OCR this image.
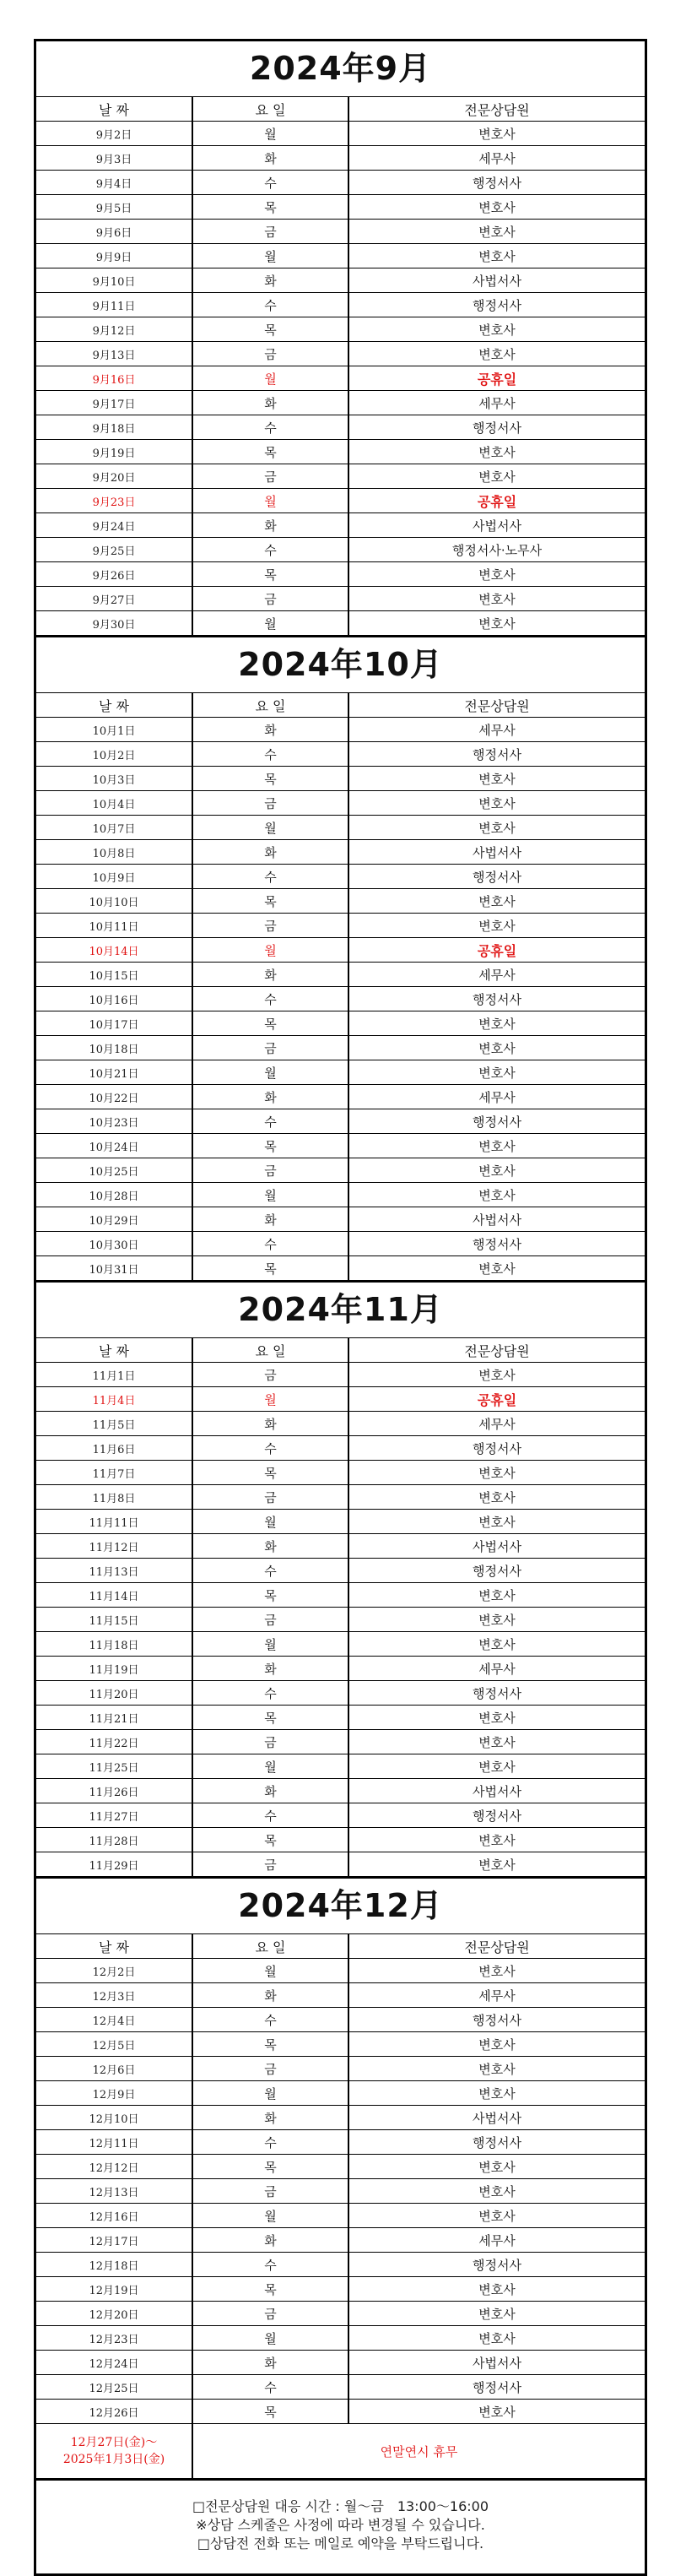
2024年9月
날 짜	요 일	전문상담원
9月2日	월	변호사
9月3日	화	세무사
9月4日	수	행정서사
9月5日	목	변호사
9月6日	금	변호사
9月9日	월	변호사
9月10日	화	사법서사
9月11日	수	행정서사
9月12日	목	변호사
9月13日	금	변호사
9月16日	월	공휴일
9月17日	화	세무사
9月18日	수	행정서사
9月19日	목	변호사
9月20日	금	변호사
9月23日	월	공휴일
9月24日	화	사법서사
9月25日	수	행정서사·노무사
9月26日	목	변호사
9月27日	금	변호사
9月30日	월	변호사
2024年10月
날 짜	요 일	전문상담원
10月1日	화	세무사
10月2日	수	행정서사
10月3日	목	변호사
10月4日	금	변호사
10月7日	월	변호사
10月8日	화	사법서사
10月9日	수	행정서사
10月10日	목	변호사
10月11日	금	변호사
10月14日	월	공휴일
10月15日	화	세무사
10月16日	수	행정서사
10月17日	목	변호사
10月18日	금	변호사
10月21日	월	변호사
10月22日	화	세무사
10月23日	수	행정서사
10月24日	목	변호사
10月25日	금	변호사
10月28日	월	변호사
10月29日	화	사법서사
10月30日	수	행정서사
10月31日	목	변호사
2024年11月
날 짜	요 일	전문상담원
11月1日	금	변호사
11月4日	월	공휴일
11月5日	화	세무사
11月6日	수	행정서사
11月7日	목	변호사
11月8日	금	변호사
11月11日	월	변호사
11月12日	화	사법서사
11月13日	수	행정서사
11月14日	목	변호사
11月15日	금	변호사
11月18日	월	변호사
11月19日	화	세무사
11月20日	수	행정서사
11月21日	목	변호사
11月22日	금	변호사
11月25日	월	변호사
11月26日	화	사법서사
11月27日	수	행정서사
11月28日	목	변호사
11月29日	금	변호사
2024年12月
날 짜	요 일	전문상담원
12月2日	월	변호사
12月3日	화	세무사
12月4日	수	행정서사
12月5日	목	변호사
12月6日	금	변호사
12月9日	월	변호사
12月10日	화	사법서사
12月11日	수	행정서사
12月12日	목	변호사
12月13日	금	변호사
12月16日	월	변호사
12月17日	화	세무사
12月18日	수	행정서사
12月19日	목	변호사
12月20日	금	변호사
12月23日	월	변호사
12月24日	화	사법서사
12月25日	수	행정서사
12月26日	목	변호사

12月27日(金)～
2025年1月3日(金)	연말연시 휴무	
□전문상담원 대응 시간 : 월～금　13:00～16:00
※상담 스케줄은 사정에 따라 변경될 수 있습니다.
□상담전 전화 또는 메일로 예약을 부탁드립니다.
